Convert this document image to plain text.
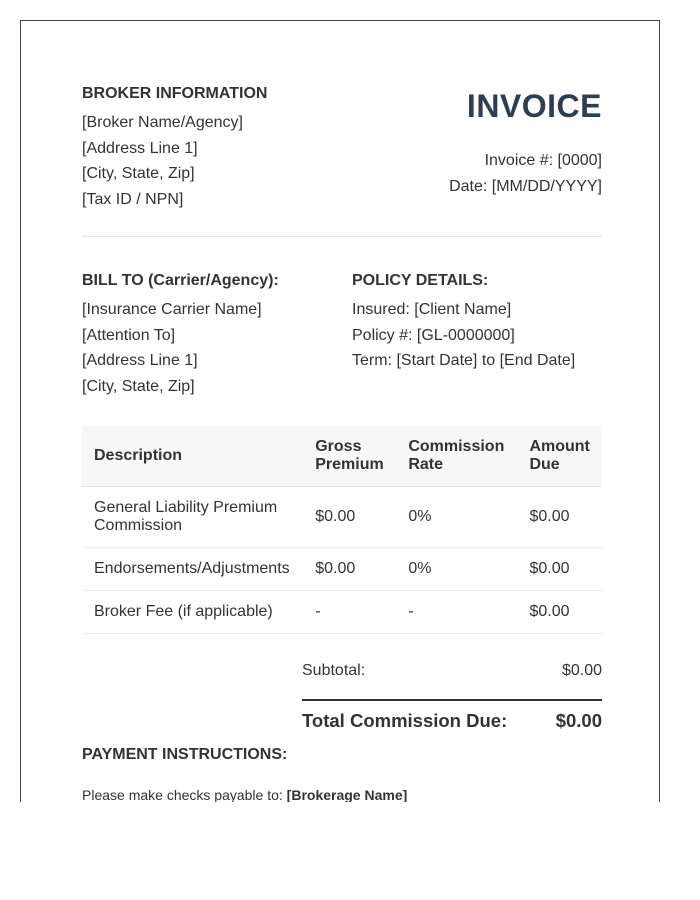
BROKER INFORMATION
[Broker Name/Agency]
[Address Line 1]
[City, State, Zip]
[Tax ID / NPN]
INVOICE
Invoice #: [0000]
Date: [MM/DD/YYYY]
BILL TO (Carrier/Agency):
[Insurance Carrier Name]
[Attention To]
[Address Line 1]
[City, State, Zip]
POLICY DETAILS:
Insured: [Client Name]
Policy #: [GL-0000000]
Term: [Start Date] to [End Date]
Description	Gross Premium	Commission Rate	Amount Due
General Liability Premium Commission	$0.00	0%	$0.00
Endorsements/Adjustments	$0.00	0%	$0.00
Broker Fee (if applicable)	-	-	$0.00
Subtotal:	$0.00
Total Commission Due:	$0.00
PAYMENT INSTRUCTIONS:
Please make checks payable to: [Brokerage Name]
